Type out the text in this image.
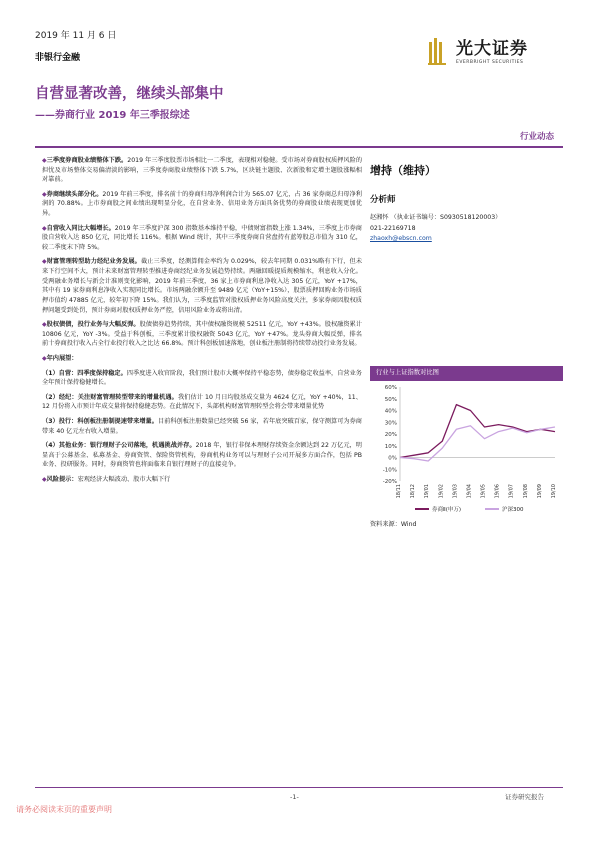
2019 年 11 月 6 日
非银行金融	光大证券
EVERBRIGHT SECURITIES
自营显著改善，继续头部集中
——券商行业 2019 年三季报综述
行业动态
◆三季度券商股业绩整体下跌。2019 年三季度股票市场相比一二季度，表现相对稳健。受市场对券商股权质押风险的担忧及市场整体交易偏清淡的影响，三季度券商股业绩整体下跌 5.7%，区块链主题股、次新股和定增主题股涨幅相对靠前。
◆券商继续头部分化。2019 年前三季度，排名前十的券商归母净利润合计为 565.07 亿元，占 36 家券商总归母净利润的 70.88%。上市券商股之间业绩出现明显分化，在自营业务、信用业务方面具备优势的券商股业绩表现更加优异。
◆自营收入同比大幅增长。2019 年三季度沪深 300 指数基本维持平稳，中债财富指数上涨 1.34%，三季度上市券商股自营收入达 850 亿元，同比增长 116%。根据 Wind 统计，其中三季度券商自营盘持有蓝筹股总市值为 310 亿，较二季度末下降 5%。
◆财富管理转型助力经纪业务发展。截止三季度，经测算佣金率约为 0.029%，较去年同期 0.031%略有下行，但未来下行空间不大，预计未来财富管理转型推进券商经纪业务发展趋势持续。两融回暖提质规模缩水，利息收入分化。受两融业务增长与新会计准则变化影响，2019 年前三季度，36 家上市券商利息净收入达 305 亿元，YoY +17%，其中有 19 家券商利息净收入实现同比增长。市场两融余额升至 9489 亿元（YoY+15%），股票质押回购业务市场质押市值约 47885 亿元，较年初下降 15%。我们认为，三季度监管对股权质押业务风险高度关注，多家券商因股权质押问题受到处罚，预计券商对股权质押业务严控，信用风险业务或将出清。
◆股权债债，投行业务与大幅反弹。股债债券趋势持续，其中债权融资规模 52511 亿元，YoY +43%。股权融资累计 10806 亿元，YoY -3%。受益于科创板，三季度累计股权融资 5043 亿元，YoY +47%。龙头券商大幅反弹，排名前十券商投行收入占全行业投行收入之比达 66.8%。预计科创板加速落地，创业板注册制将持续带动投行业务发展。
◆年内展望：
（1）自营：四季度保持稳定。四季度进入收官阶段，我们预计股市大概率保持平稳态势，债券稳定收益率，自营业务全年预计保持稳健增长。
（2）经纪：关注财富管理转型带来的增量机遇。我们估计 10 月日均股基成交量为 4624 亿元，YoY +40%，11、12 月份将入市预计年成交量将保持稳健态势。在此情况下，头部机构财富管理转型会将会带来增量优势
（3）投行：科创板注册制提速带来增量。目前科创板注册数量已经突破 56 家，若年底突破百家，保守测算可为券商带来 40 亿元左右收入增量。
（4）其他业务：银行理财子公司落地，机遇挑战并存。2018 年，银行非保本理财存续资金余额达到 22 万亿元，明显高于公募基金、私募基金、券商资管、保险资管机构，券商机构业务可以与理财子公司开展多方面合作，包括 PB 业务、投研服务。同时，券商资管也将面临来自银行理财子的直接竞争。
◆风险提示：宏观经济大幅波动、股市大幅下行
增持（维持）
分析师
赵湘怀 （执业证书编号：S0930518120003）
021-22169718
zhaoxh@ebscn.com
行业与上证指数对比图
60%
50%
40%
30%
20%
10%
0%
-10%
-20%
18/11 18/12 19/01 19/02 19/03 19/04 19/05 19/06 19/07 19/08 19/09 19/10
券商Ⅱ(申万)	沪深300
资料来源：Wind
-1-	证券研究报告
请务必阅读末页的重要声明
